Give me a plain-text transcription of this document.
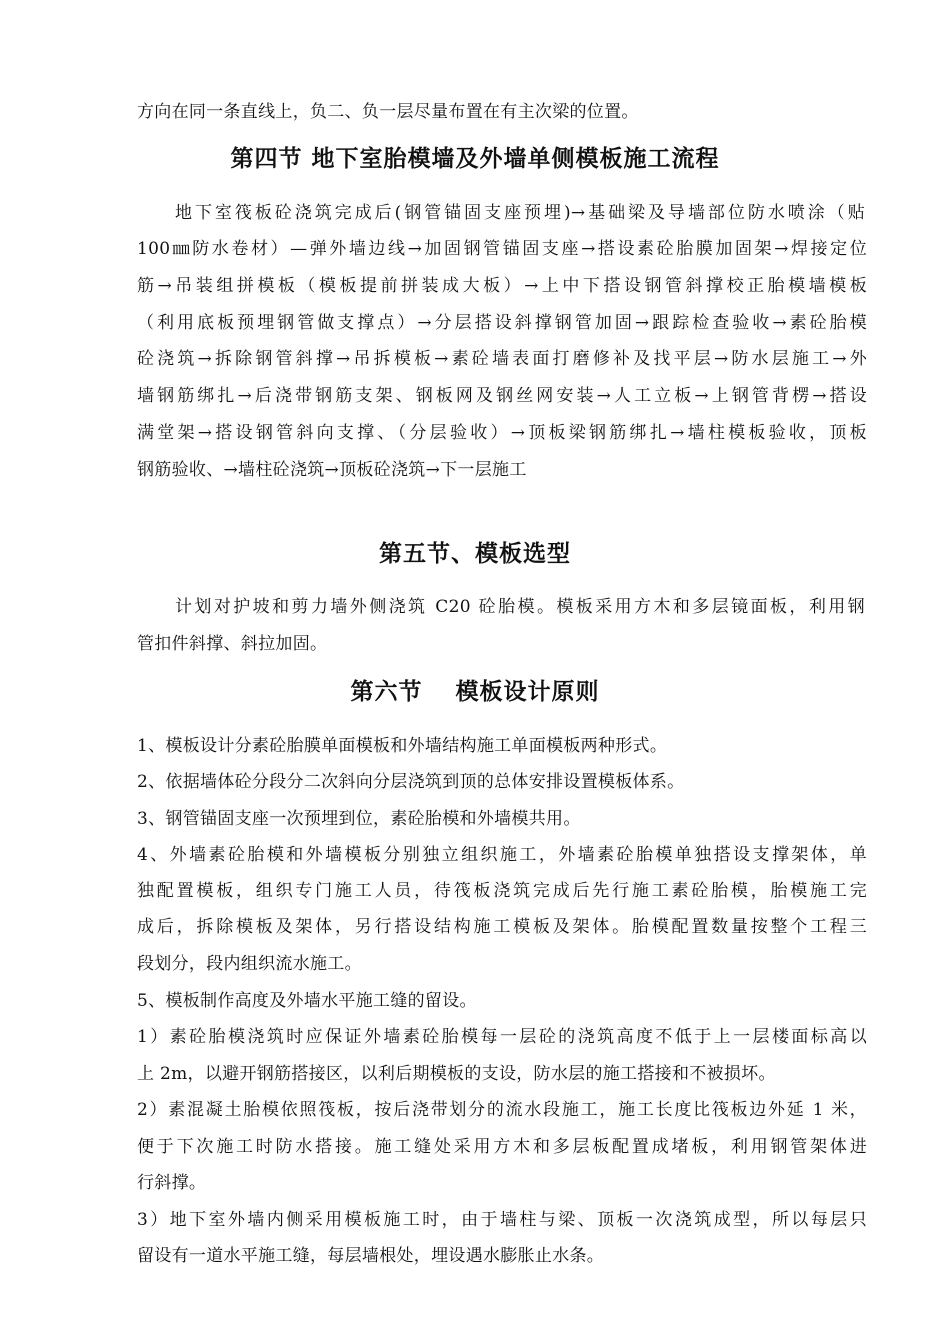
方向在同一条直线上，负二、负一层尽量布置在有主次梁的位置。
第四节 地下室胎模墙及外墙单侧模板施工流程
地下室筏板砼浇筑完成后(钢管锚固支座预埋)→基础梁及导墙部位防水喷涂（贴
100㎜防水卷材）—弹外墙边线→加固钢管锚固支座→搭设素砼胎膜加固架→焊接定位
筋→吊装组拼模板（模板提前拼装成大板）→上中下搭设钢管斜撑校正胎模墙模板
（利用底板预埋钢管做支撑点）→分层搭设斜撑钢管加固→跟踪检查验收→素砼胎模
砼浇筑→拆除钢管斜撑→吊拆模板→素砼墙表面打磨修补及找平层→防水层施工→外
墙钢筋绑扎→后浇带钢筋支架、钢板网及钢丝网安装→人工立板→上钢管背楞→搭设
满堂架→搭设钢管斜向支撑、（分层验收）→顶板梁钢筋绑扎→墙柱模板验收，顶板
钢筋验收、→墙柱砼浇筑→顶板砼浇筑→下一层施工
第五节、模板选型
计划对护坡和剪力墙外侧浇筑 C20 砼胎模。模板采用方木和多层镜面板，利用钢
管扣件斜撑、斜拉加固。
第六节　 模板设计原则
1、模板设计分素砼胎膜单面模板和外墙结构施工单面模板两种形式。
2、依据墙体砼分段分二次斜向分层浇筑到顶的总体安排设置模板体系。
3、钢管锚固支座一次预埋到位，素砼胎模和外墙模共用。
4、外墙素砼胎模和外墙模板分别独立组织施工，外墙素砼胎模单独搭设支撑架体，单
独配置模板，组织专门施工人员，待筏板浇筑完成后先行施工素砼胎模，胎模施工完
成后，拆除模板及架体，另行搭设结构施工模板及架体。胎模配置数量按整个工程三
段划分，段内组织流水施工。
5、模板制作高度及外墙水平施工缝的留设。
1）素砼胎模浇筑时应保证外墙素砼胎模每一层砼的浇筑高度不低于上一层楼面标高以
上 2m，以避开钢筋搭接区，以利后期模板的支设，防水层的施工搭接和不被损坏。
2）素混凝土胎模依照筏板，按后浇带划分的流水段施工，施工长度比筏板边外延 1 米，
便于下次施工时防水搭接。施工缝处采用方木和多层板配置成堵板，利用钢管架体进
行斜撑。
3）地下室外墙内侧采用模板施工时，由于墙柱与梁、顶板一次浇筑成型，所以每层只
留设有一道水平施工缝，每层墙根处，埋设遇水膨胀止水条。
